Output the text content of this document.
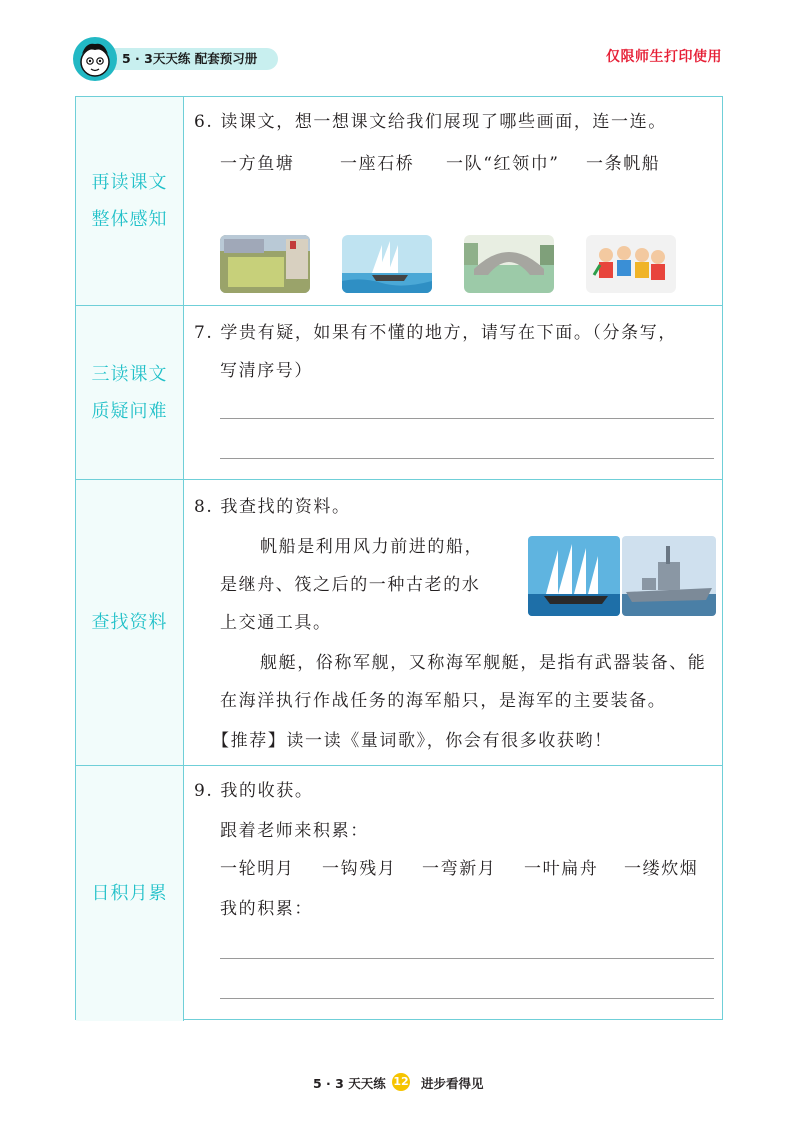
5 · 3天天练 配套预习册	仅限师生打印使用
再读课文
整体感知
6. 读课文，想一想课文给我们展现了哪些画面，连一连。
一方鱼塘	一座石桥 一队“红领巾” 一条帆船
三读课文
质疑问难
7. 学贵有疑，如果有不懂的地方，请写在下面。（分条写，
写清序号）
查找资料
8. 我查找的资料。
帆船是利用风力前进的船，
是继舟、筏之后的一种古老的水
上交通工具。
舰艇，俗称军舰，又称海军舰艇，是指有武器装备、能
在海洋执行作战任务的海军船只，是海军的主要装备。
【推荐】读一读《量词歌》，你会有很多收获哟！
日积月累
9. 我的收获。
跟着老师来积累：
一轮明月 一钩残月 一弯新月 一叶扁舟 一缕炊烟
我的积累：
5 · 3 天天练 12 进步看得见
